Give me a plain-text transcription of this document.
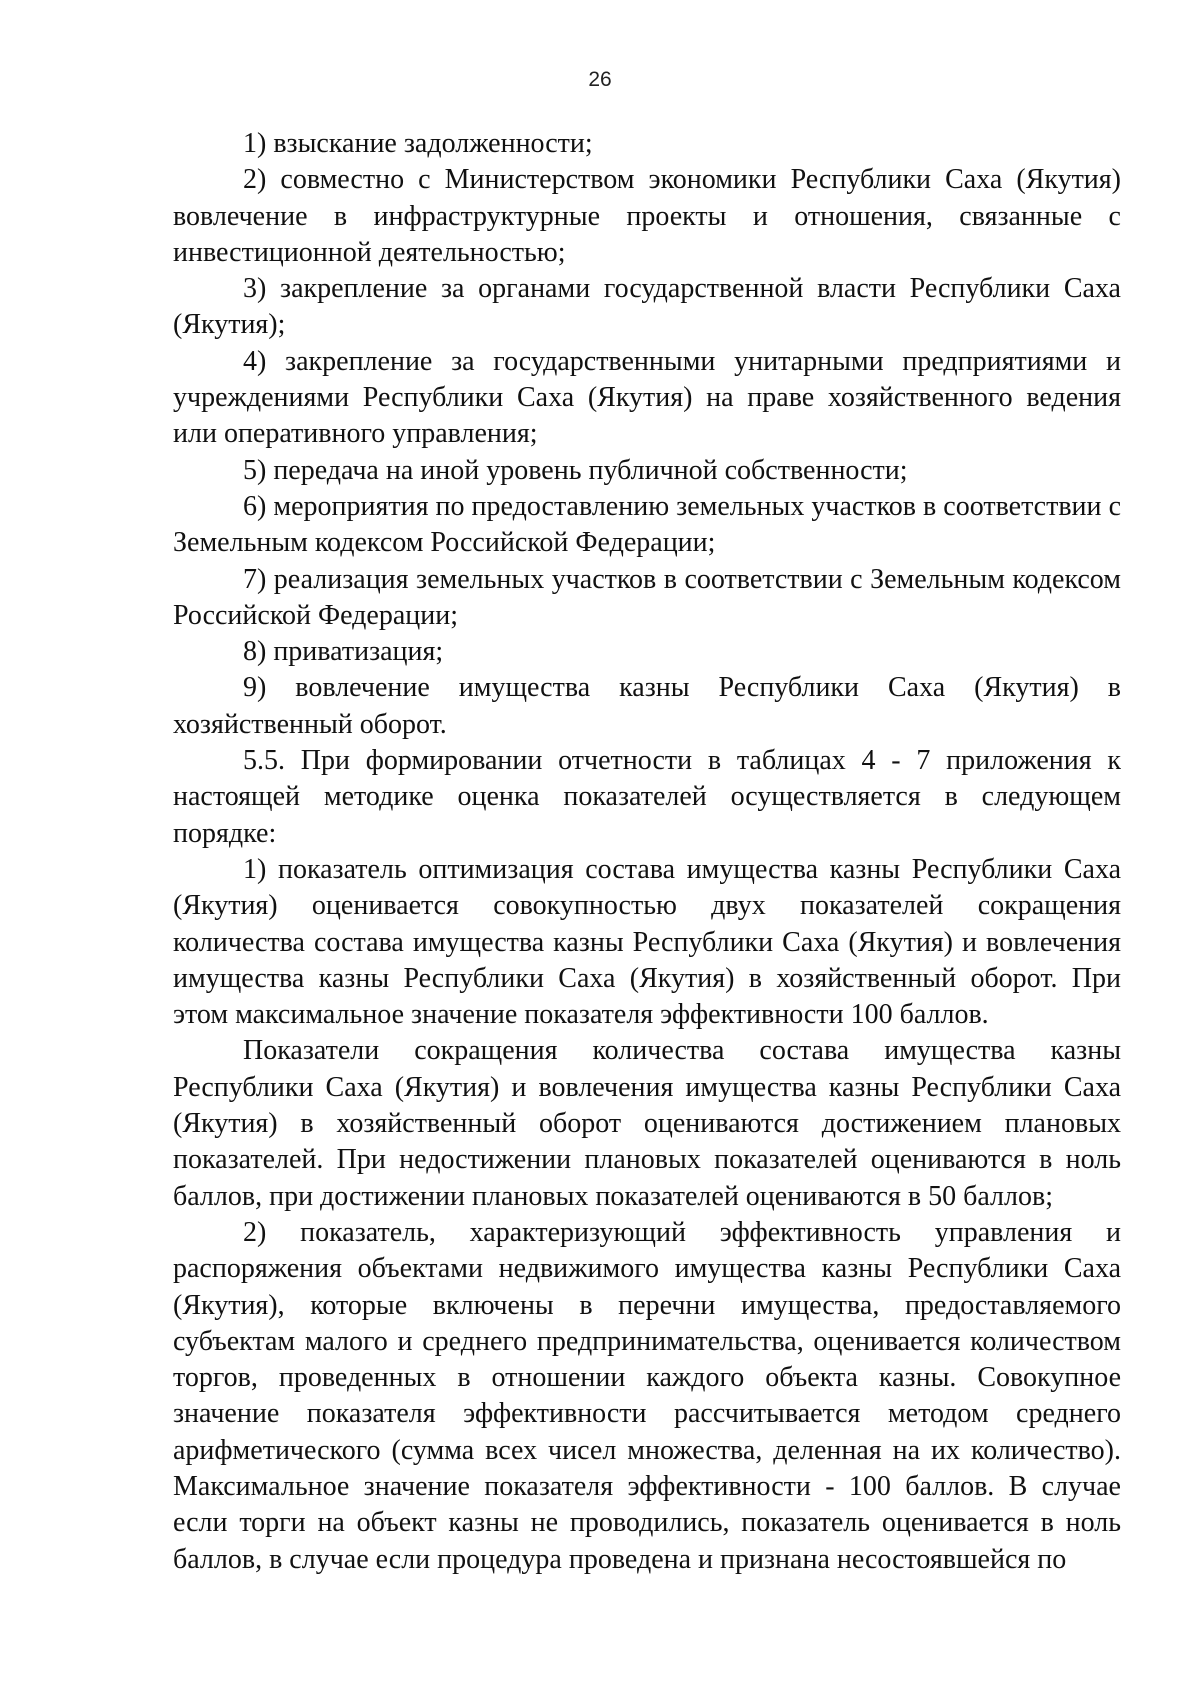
26

1) взыскание задолженности;

2) совместно с Министерством экономики Республики Саха (Якутия) вовлечение в инфраструктурные проекты и отношения, связанные с инвестиционной деятельностью;

3) закрепление за органами государственной власти Республики Саха (Якутия);

4) закрепление за государственными унитарными предприятиями и учреждениями Республики Саха (Якутия) на праве хозяйственного ведения или оперативного управления;

5) передача на иной уровень публичной собственности;

6) мероприятия по предоставлению земельных участков в соответствии с Земельным кодексом Российской Федерации;

7) реализация земельных участков в соответствии с Земельным кодексом Российской Федерации;

8) приватизация;

9) вовлечение имущества казны Республики Саха (Якутия) в хозяйственный оборот.

5.5. При формировании отчетности в таблицах 4 - 7 приложения к настоящей методике оценка показателей осуществляется в следующем порядке:

1) показатель оптимизация состава имущества казны Республики Саха (Якутия) оценивается совокупностью двух показателей сокращения количества состава имущества казны Республики Саха (Якутия) и вовлечения имущества казны Республики Саха (Якутия) в хозяйственный оборот. При этом максимальное значение показателя эффективности 100 баллов.

Показатели сокращения количества состава имущества казны Республики Саха (Якутия) и вовлечения имущества казны Республики Саха (Якутия) в хозяйственный оборот оцениваются достижением плановых показателей. При недостижении плановых показателей оцениваются в ноль баллов, при достижении плановых показателей оцениваются в 50 баллов;

2) показатель, характеризующий эффективность управления и распоряжения объектами недвижимого имущества казны Республики Саха (Якутия), которые включены в перечни имущества, предоставляемого субъектам малого и среднего предпринимательства, оценивается количеством торгов, проведенных в отношении каждого объекта казны. Совокупное значение показателя эффективности рассчитывается методом среднего арифметического (сумма всех чисел множества, деленная на их количество). Максимальное значение показателя эффективности - 100 баллов. В случае если торги на объект казны не проводились, показатель оценивается в ноль баллов, в случае если процедура проведена и признана несостоявшейся по
